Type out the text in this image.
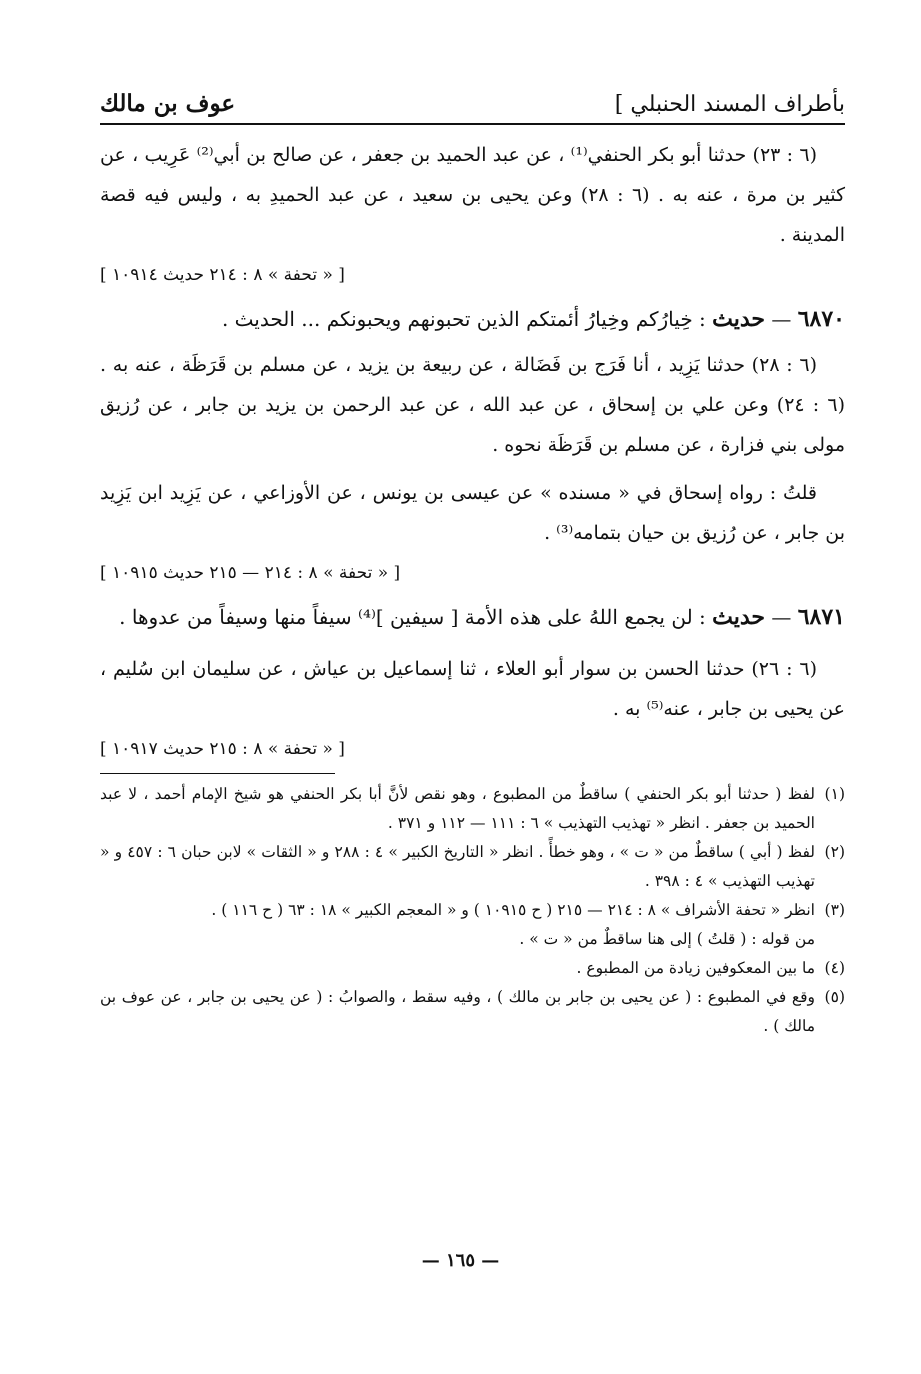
بأطراف المسند الحنبلي ]
عوف بن مالك

(٦ : ٢٣) حدثنا أبو بكر الحنفي⁽¹⁾ ، عن عبد الحميد بن جعفر ، عن صالح بن أبي⁽²⁾ عَرِيب ، عن كثير بن مرة ، عنه به . (٦ : ٢٨) وعن يحيى بن سعيد ، عن عبد الحميدِ به ، وليس فيه قصة المدينة .

[ « تحفة » ٨ : ٢١٤ حديث ١٠٩١٤ ]

٦٨٧٠ — حديث : خِيارُكم وخِيارُ أئمتكم الذين تحبونهم ويحبونكم ... الحديث .

(٦ : ٢٨) حدثنا يَزِيد ، أنا فَرَج بن فَضَالة ، عن ربيعة بن يزيد ، عن مسلم بن قَرَظَة ، عنه به . (٦ : ٢٤) وعن علي بن إسحاق ، عن عبد الله ، عن عبد الرحمن بن يزيد بن جابر ، عن رُزيق مولى بني فزارة ، عن مسلم بن قَرَظَة نحوه .

قلتُ : رواه إسحاق في « مسنده » عن عيسى بن يونس ، عن الأوزاعي ، عن يَزِيد ابن يَزِيد بن جابر ، عن رُزيق بن حيان بتمامه⁽³⁾ .

[ « تحفة » ٨ : ٢١٤ — ٢١٥ حديث ١٠٩١٥ ]

٦٨٧١ — حديث : لن يجمع اللهُ على هذه الأمة [ سيفين ]⁽⁴⁾ سيفاً منها وسيفاً من عدوها .

(٦ : ٢٦) حدثنا الحسن بن سوار أبو العلاء ، ثنا إسماعيل بن عياش ، عن سليمان ابن سُليم ، عن يحيى بن جابر ، عنه⁽⁵⁾ به .

[ « تحفة » ٨ : ٢١٥ حديث ١٠٩١٧ ]

(١)
لفظ ( حدثنا أبو بكر الحنفي ) ساقطٌ من المطبوع ، وهو نقص لأنَّ أبا بكر الحنفي هو شيخ الإمام أحمد ، لا عبد الحميد بن جعفر . انظر « تهذيب التهذيب » ٦ : ١١١ — ١١٢ و ٣٧١ .

(٢)
لفظ ( أبي ) ساقطٌ من « ت » ، وهو خطأً . انظر « التاريخ الكبير » ٤ : ٢٨٨ و « الثقات » لابن حبان ٦ : ٤٥٧ و « تهذيب التهذيب » ٤ : ٣٩٨ .

(٣)
انظر « تحفة الأشراف » ٨ : ٢١٤ — ٢١٥ ( ح ١٠٩١٥ ) و « المعجم الكبير » ١٨ : ٦٣ ( ح ١١٦ ) .

من قوله : ( قلتُ ) إلى هنا ساقطٌ من « ت » .

(٤)
ما بين المعكوفين زيادة من المطبوع .

(٥)
وقع في المطبوع : ( عن يحيى بن جابر بن مالك ) ، وفيه سقط ، والصوابُ : ( عن يحيى بن جابر ، عن عوف بن مالك ) .

— ١٦٥ —
